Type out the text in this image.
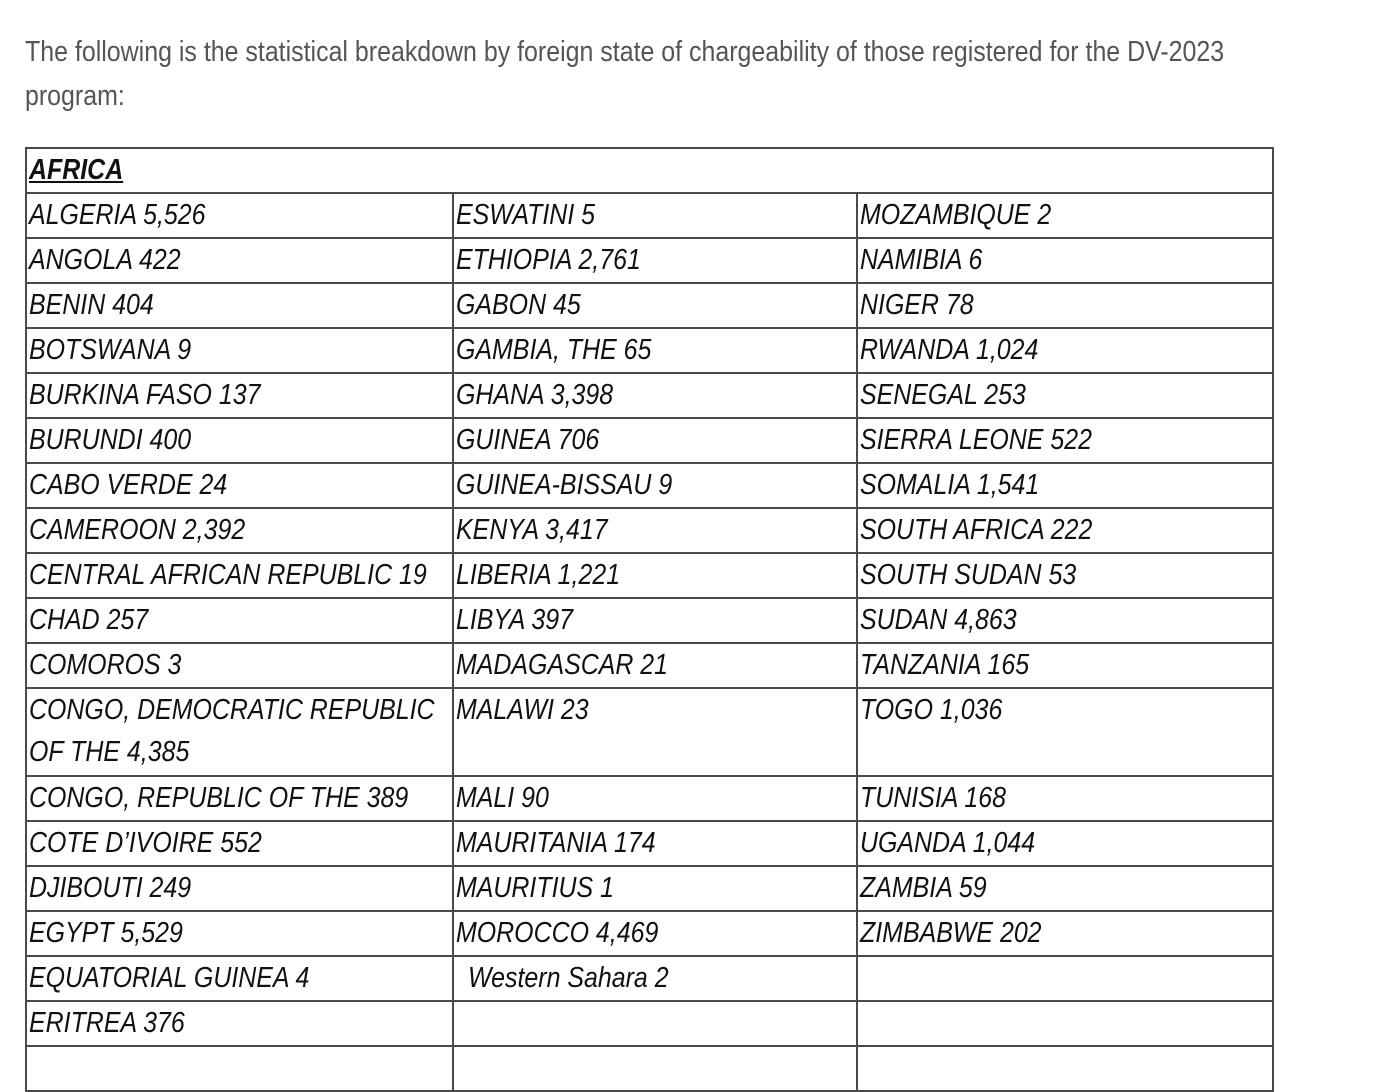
The following is the statistical breakdown by foreign state of chargeability of those registered for the DV-2023 program:
AFRICA		
ALGERIA 5,526	ESWATINI 5	MOZAMBIQUE 2
ANGOLA 422	ETHIOPIA 2,761	NAMIBIA 6
BENIN 404	GABON 45	NIGER 78
BOTSWANA 9	GAMBIA, THE 65	RWANDA 1,024
BURKINA FASO 137	GHANA 3,398	SENEGAL 253
BURUNDI 400	GUINEA 706	SIERRA LEONE 522
CABO VERDE 24	GUINEA-BISSAU 9	SOMALIA 1,541
CAMEROON 2,392	KENYA 3,417	SOUTH AFRICA 222
CENTRAL AFRICAN REPUBLIC 19	LIBERIA 1,221	SOUTH SUDAN 53
CHAD 257	LIBYA 397	SUDAN 4,863
COMOROS 3	MADAGASCAR 21	TANZANIA 165
CONGO, DEMOCRATIC REPUBLIC OF THE 4,385	MALAWI 23	TOGO 1,036
CONGO, REPUBLIC OF THE 389	MALI 90	TUNISIA 168
COTE D’IVOIRE 552	MAURITANIA 174	UGANDA 1,044
DJIBOUTI 249	MAURITIUS 1	ZAMBIA 59
EGYPT 5,529	MOROCCO 4,469	ZIMBABWE 202
EQUATORIAL GUINEA 4	Western Sahara 2	
ERITREA 376		
